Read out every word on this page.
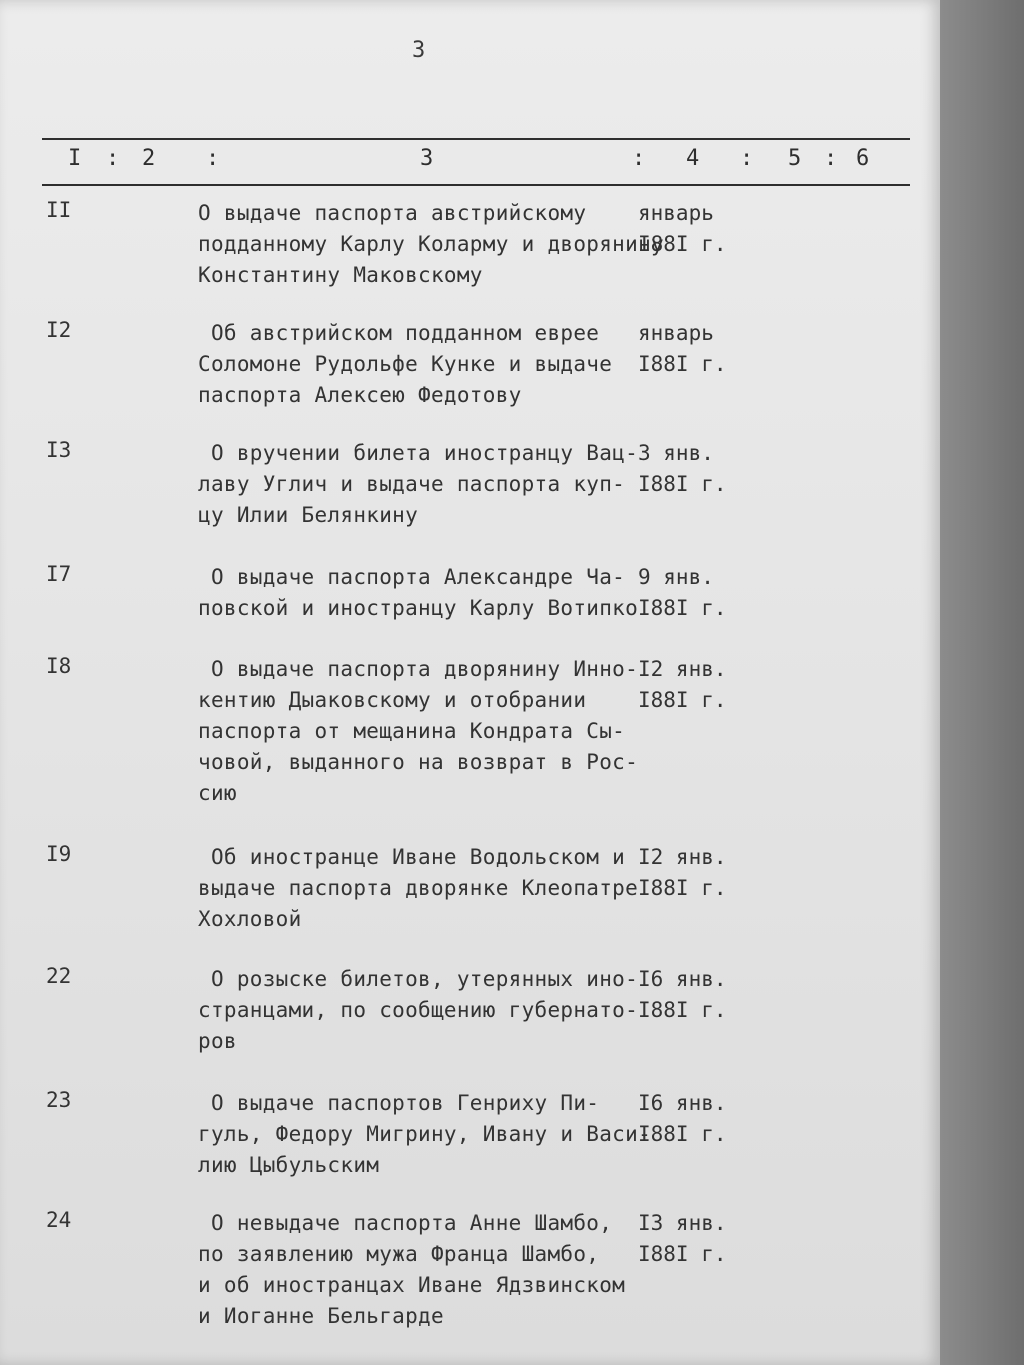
3
I : 2 :	3	: 4 : 5 : 6
II	О выдаче паспорта австрийскому
подданному Карлу Коларму и дворянину
Константину Маковскому

январь
I88I г.
I2	Об австрийском подданном еврее
Соломоне Рудольфе Кунке и выдаче
паспорта Алексею Федотову

январь
I88I г.
I3	О вручении билета иностранцу Вац-
лаву Углич и выдаче паспорта куп-
цу Илии Белянкину

3 янв.
I88I г.
I7	О выдаче паспорта Александре Ча-
повской и иностранцу Карлу Вотипко

9 янв.
I88I г.
I8	О выдаче паспорта дворянину Инно-
кентию Дыаковскому и отобрании
паспорта от мещанина Кондрата Сы-
човой, выданного на возврат в Рос-
сию

I2 янв.
I88I г.
I9	Об иностранце Иване Водольском и
выдаче паспорта дворянке Клеопатре
Хохловой

I2 янв.
I88I г.
22	О розыске билетов, утерянных ино-
странцами, по сообщению губернато-
ров

I6 янв.
I88I г.
23	О выдаче паспортов Генриху Пи-
гуль, Федору Мигрину, Ивану и Васи-
лию Цыбульским

I6 янв.
I88I г.
24	О невыдаче паспорта Анне Шамбо,
по заявлению мужа Франца Шамбо,
и об иностранцах Иване Ядзвинском
и Иоганне Бельгарде

I3 янв.
I88I г.
